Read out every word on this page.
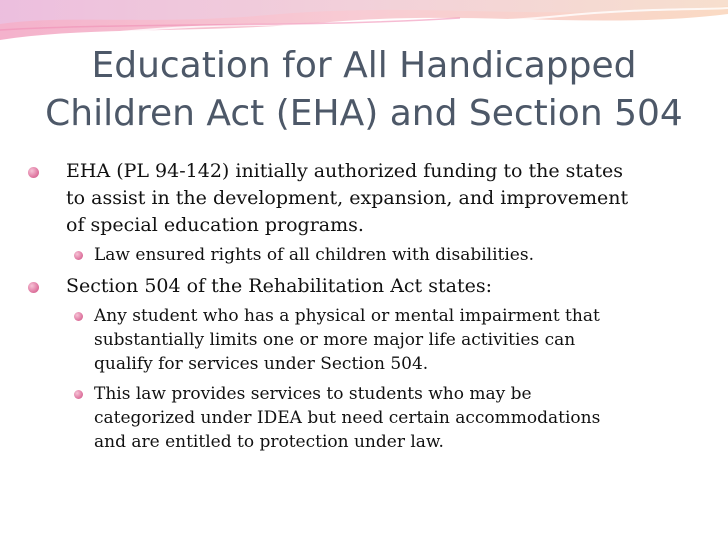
Education for All Handicapped
Children Act (EHA) and Section 504
EHA (PL 94-142) initially authorized funding to the states
to assist in the development, expansion, and improvement
of special education programs.
Law ensured rights of all children with disabilities.
Section 504 of the Rehabilitation Act states:
Any student who has a physical or mental impairment that
substantially limits one or more major life activities can
qualify for services under Section 504.
This law provides services to students who may be
categorized under IDEA but need certain accommodations
and are entitled to protection under law.
